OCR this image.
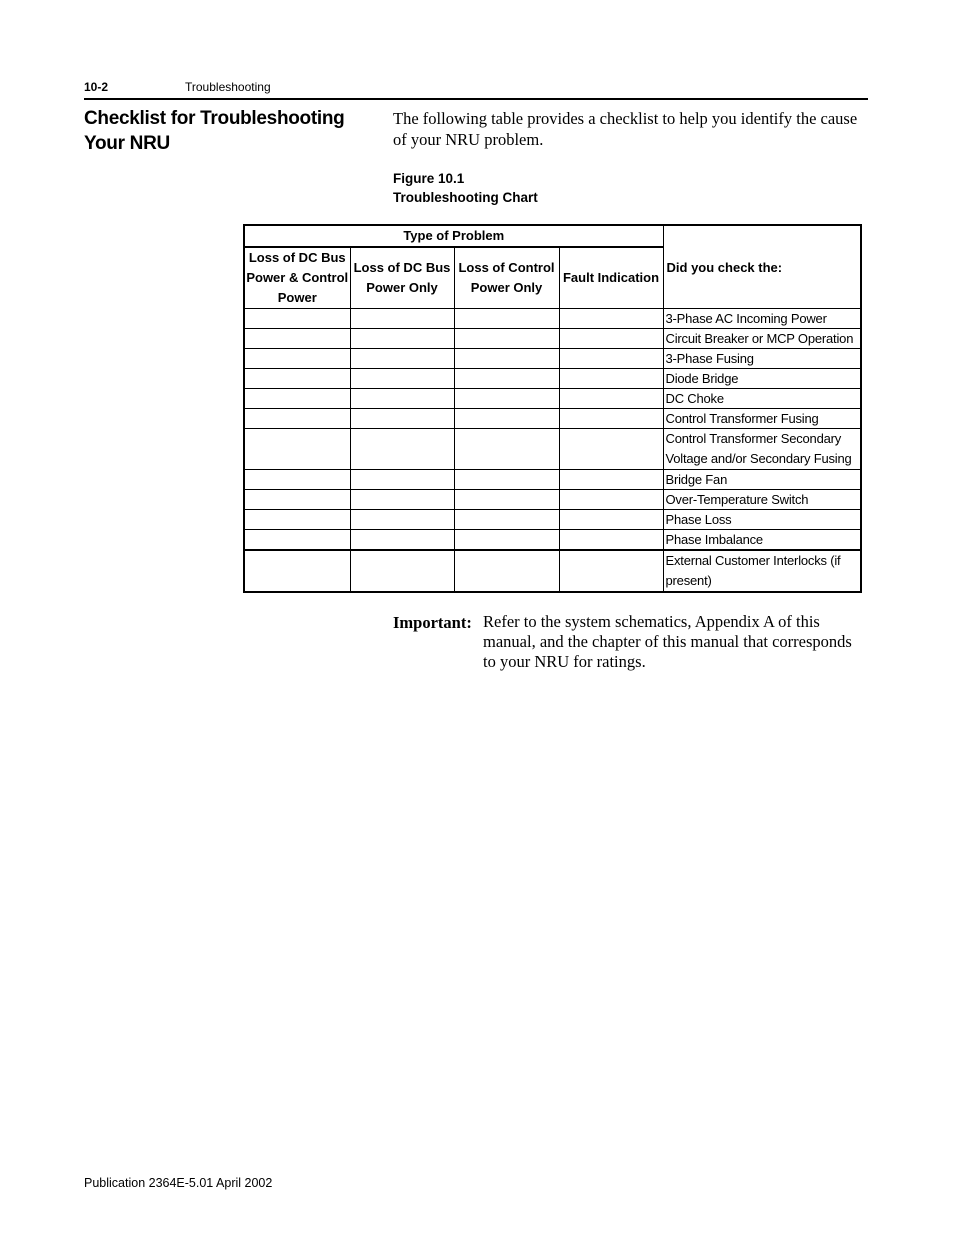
10-2	Troubleshooting
Checklist for Troubleshooting Your NRU
The following table provides a checklist to help you identify the cause of your NRU problem.
Figure 10.1
Troubleshooting Chart
Type of Problem				Did you check the:
Loss of DC Bus Power & Control Power	Loss of DC Bus Power Only	Loss of Control Power Only	Fault Indication	
				3-Phase AC Incoming Power
				Circuit Breaker or MCP Operation
				3-Phase Fusing
				Diode Bridge
				DC Choke
				Control Transformer Fusing
				Control Transformer Secondary Voltage and/or Secondary Fusing
				Bridge Fan
				Over-Temperature Switch
				Phase Loss
				Phase Imbalance
				External Customer Interlocks (if present)
Important: Refer to the system schematics, Appendix A of this manual, and the chapter of this manual that corresponds to your NRU for ratings.
Publication 2364E-5.01 April 2002
